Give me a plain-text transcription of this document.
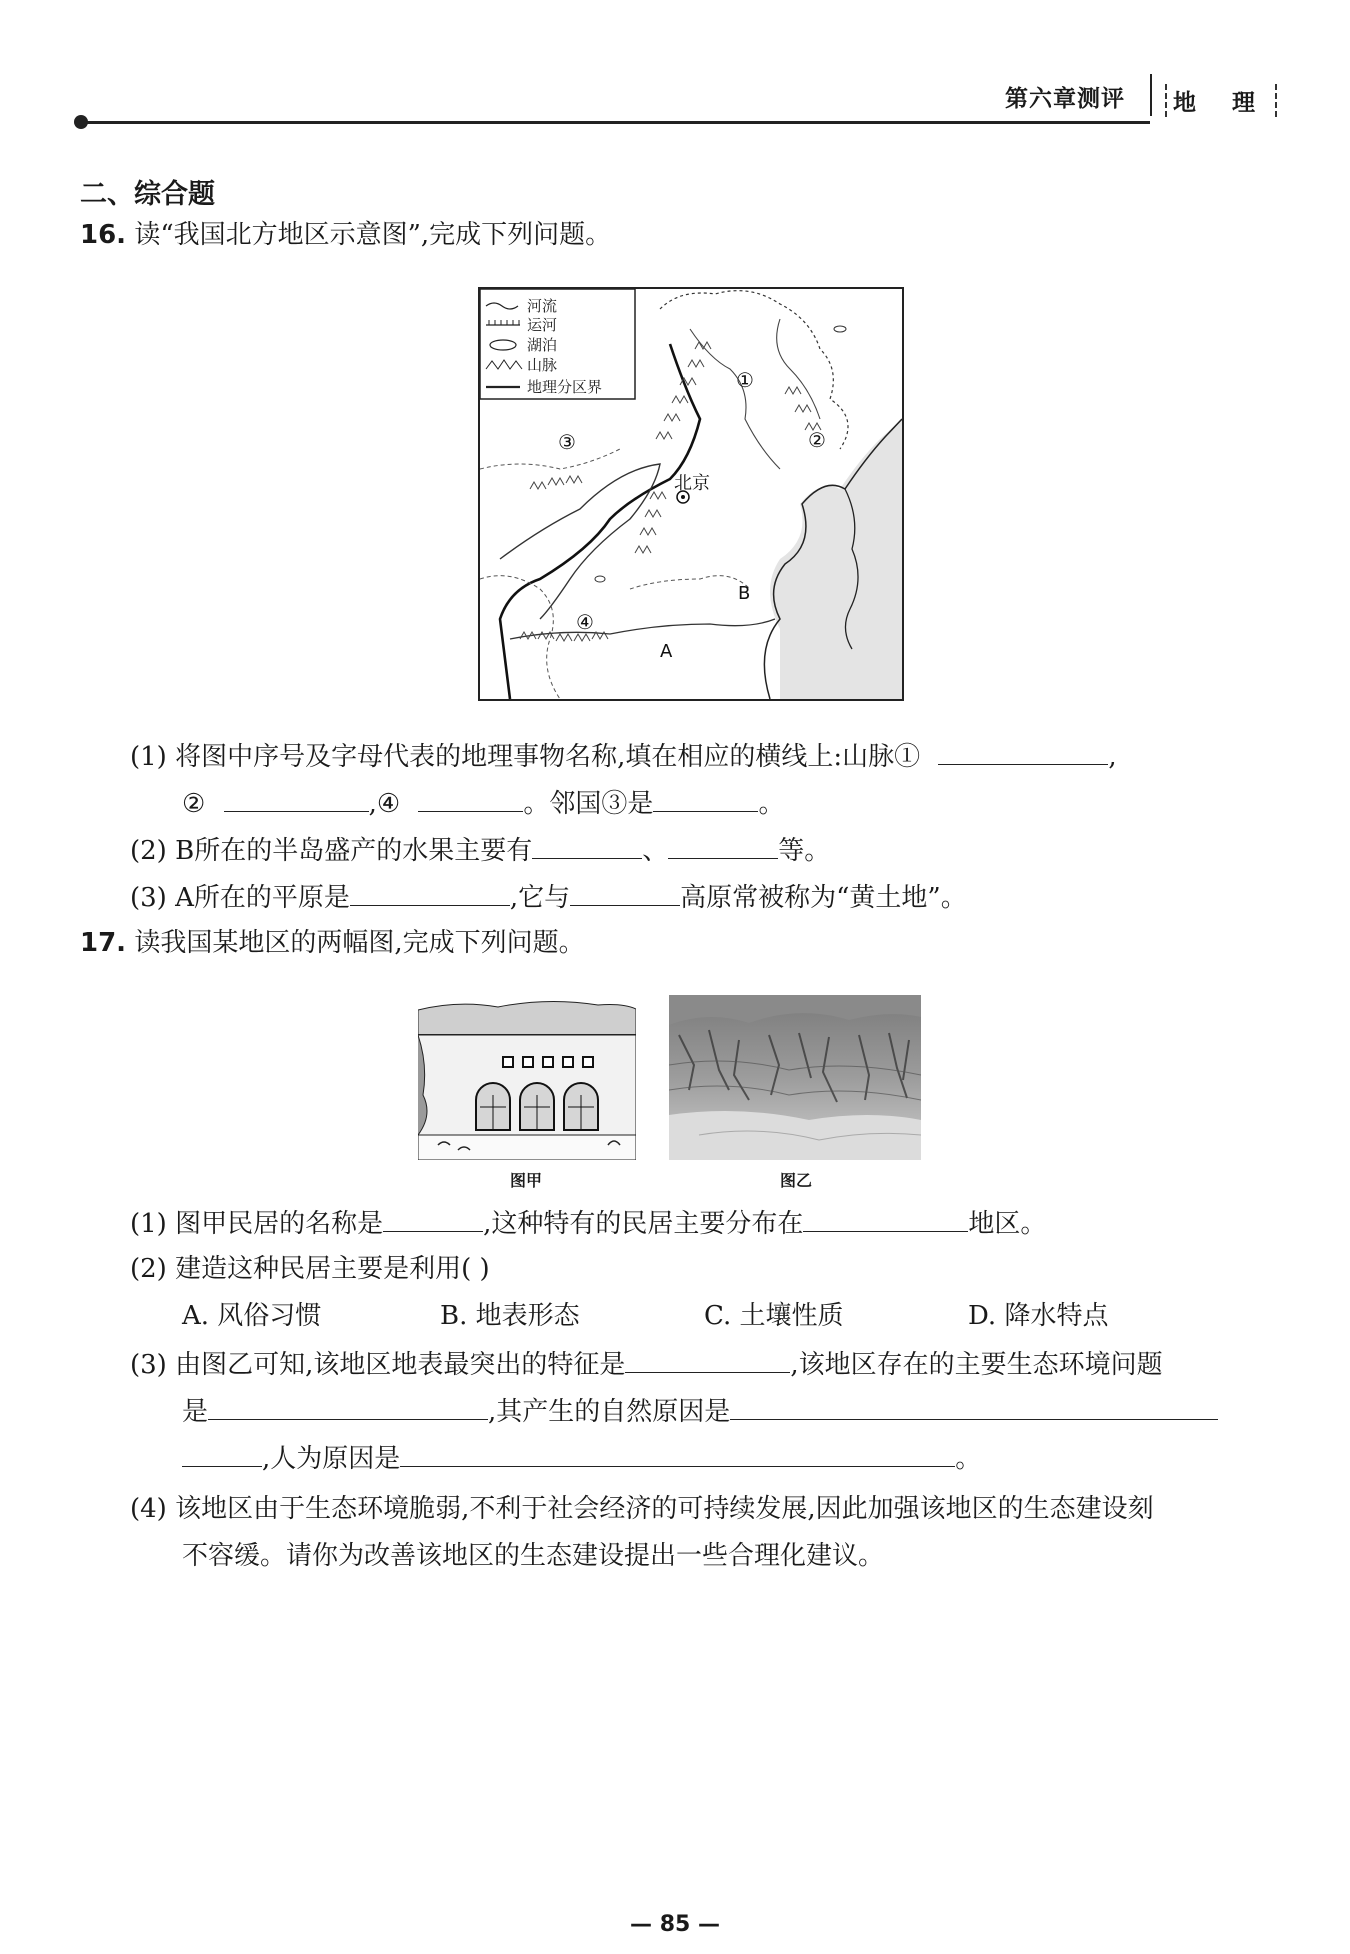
第六章测评	地 理
二、综合题
16. 读“我国北方地区示意图”,完成下列问题。
河流
运河
湖泊
山脉
地理分区界	①
②
③
④
北京
A
B
(1) 将图中序号及字母代表的地理事物名称,填在相应的横线上:山脉①	,
②	,④	。邻国③是	。
(2) B所在的半岛盛产的水果主要有	、	等。
(3) A所在的平原是	,它与	高原常被称为“黄土地”。
17. 读我国某地区的两幅图,完成下列问题。
图甲	图乙
(1) 图甲民居的名称是	,这种特有的民居主要分布在	地区。
(2) 建造这种民居主要是利用( )
A. 风俗习惯	B. 地表形态	C. 土壤性质	D. 降水特点
(3) 由图乙可知,该地区地表最突出的特征是	,该地区存在的主要生态环境问题
是	,其产生的自然原因是
,人为原因是	。
(4) 该地区由于生态环境脆弱,不利于社会经济的可持续发展,因此加强该地区的生态建设刻
不容缓。请你为改善该地区的生态建设提出一些合理化建议。
— 85 —
